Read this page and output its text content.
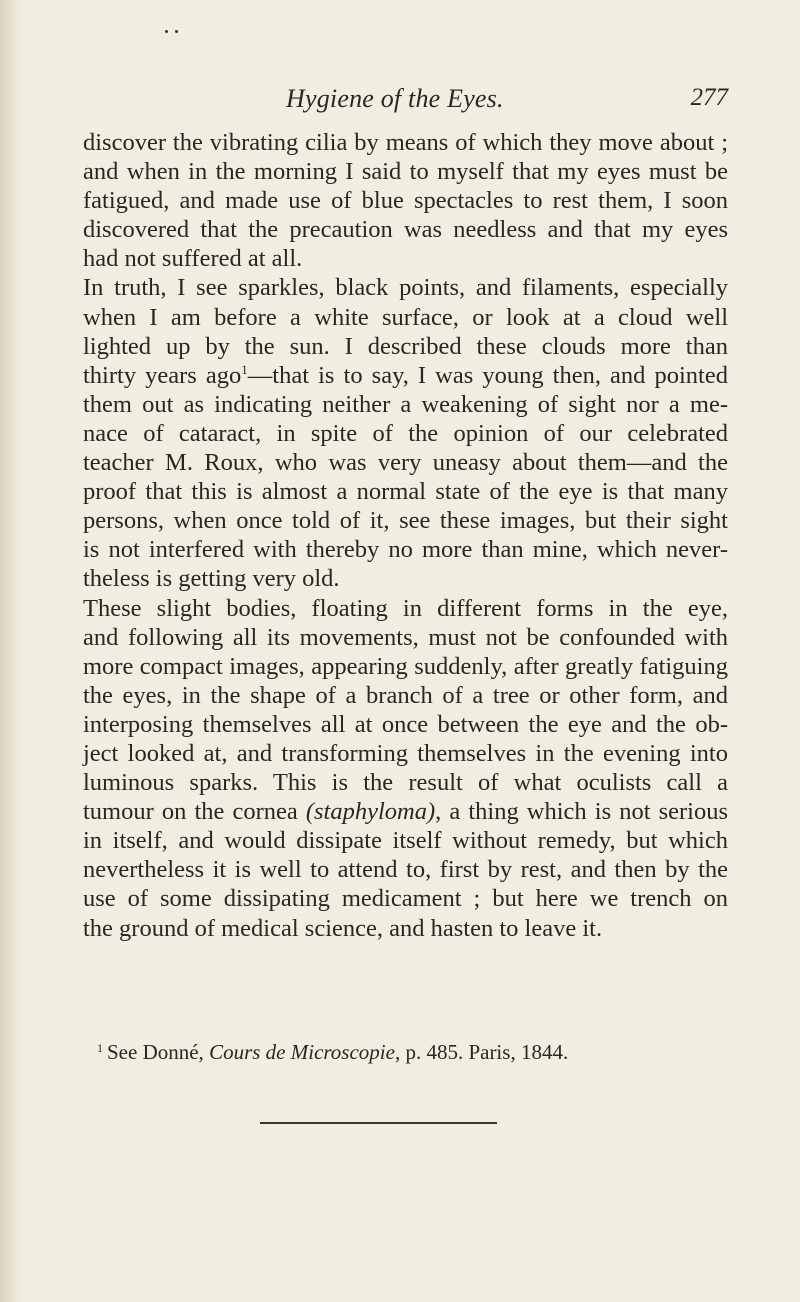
Hygiene of the Eyes.	277

discover the vibrating cilia by means of which they move about ;
and when in the morning I said to myself that my eyes must be
fatigued, and made use of blue spectacles to rest them, I soon
discovered that the precaution was needless and that my eyes
had not suffered at all.

In truth, I see sparkles, black points, and filaments, especially
when I am before a white surface, or look at a cloud well
lighted up by the sun. I described these clouds more than
thirty years ago$^1$—that is to say, I was young then, and pointed
them out as indicating neither a weakening of sight nor a me-
nace of cataract, in spite of the opinion of our celebrated
teacher M. Roux, who was very uneasy about them—and the
proof that this is almost a normal state of the eye is that many
persons, when once told of it, see these images, but their sight
is not interfered with thereby no more than mine, which never-
theless is getting very old.

These slight bodies, floating in different forms in the eye,
and following all its movements, must not be confounded with
more compact images, appearing suddenly, after greatly fatiguing
the eyes, in the shape of a branch of a tree or other form, and
interposing themselves all at once between the eye and the ob-
ject looked at, and transforming themselves in the evening into
luminous sparks. This is the result of what oculists call a
tumour on the cornea (staphyloma), a thing which is not serious
in itself, and would dissipate itself without remedy, but which
nevertheless it is well to attend to, first by rest, and then by the
use of some dissipating medicament ; but here we trench on
the ground of medical science, and hasten to leave it.

$^1$ See Donné, Cours de Microscopie, p. 485. Paris, 1844.
